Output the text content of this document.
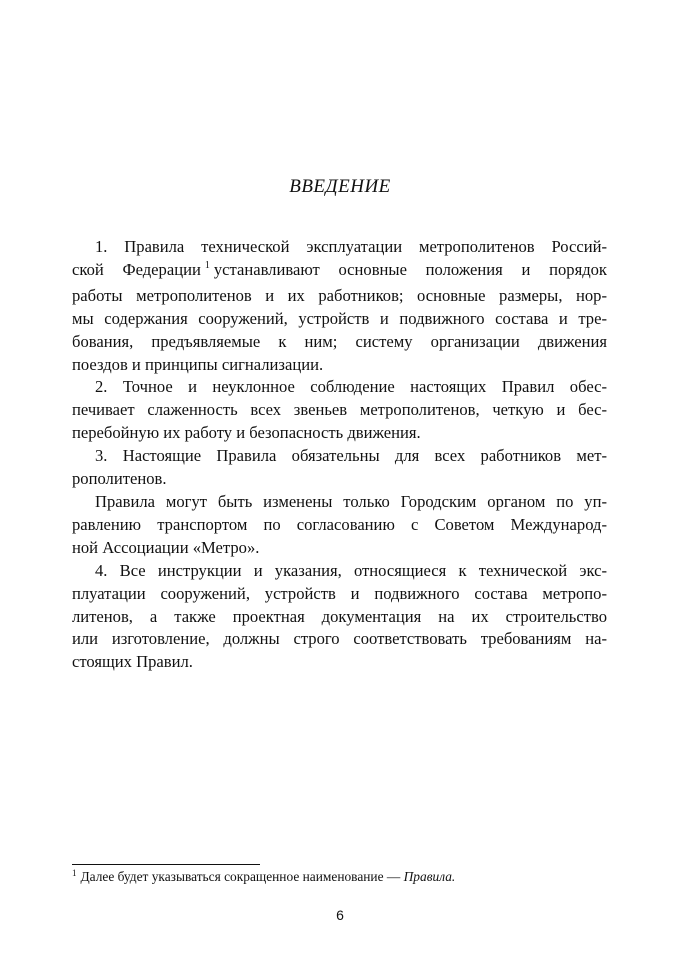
ВВЕДЕНИЕ
1. Правила технической эксплуатации метрополитенов Россий-
ской Федерации $^1$ устанавливают основные положения и порядок
работы метрополитенов и их работников; основные размеры, нор-
мы содержания сооружений, устройств и подвижного состава и тре-
бования, предъявляемые к ним; систему организации движения
поездов и принципы сигнализации.
2. Точное и неуклонное соблюдение настоящих Правил обес-
печивает слаженность всех звеньев метрополитенов, четкую и бес-
перебойную их работу и безопасность движения.
3. Настоящие Правила обязательны для всех работников мет-
рополитенов.
Правила могут быть изменены только Городским органом по уп-
равлению транспортом по согласованию с Советом Международ-
ной Ассоциации «Метро».
4. Все инструкции и указания, относящиеся к технической экс-
плуатации сооружений, устройств и подвижного состава метропо-
литенов, а также проектная документация на их строительство
или изготовление, должны строго соответствовать требованиям на-
стоящих Правил.
$^1$ Далее будет указываться сокращенное наименование — Правила.
6
